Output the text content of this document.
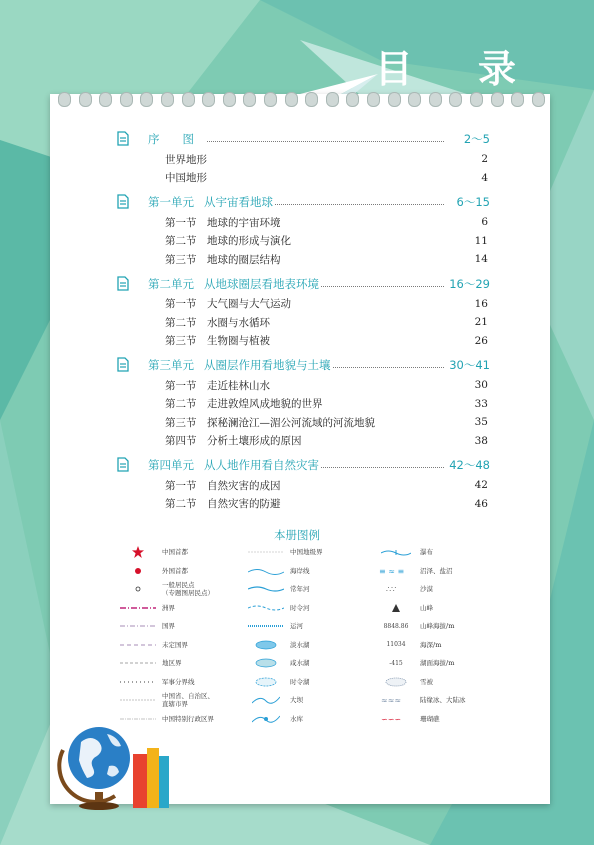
目 录
序　　图	2～5
世界地形	2
中国地形	4
第一单元 从宇宙看地球	6～15
第一节 地球的宇宙环境	6
第二节 地球的形成与演化	11
第三节 地球的圈层结构	14
第二单元 从地球圈层看地表环境	16～29
第一节 大气圈与大气运动	16
第二节 水圈与水循环	21
第三节 生物圈与植被	26
第三单元 从圈层作用看地貌与土壤	30～41
第一节 走近桂林山水	30
第二节 走进敦煌风成地貌的世界	33
第三节 探秘澜沧江—湄公河流域的河流地貌	35
第四节 分析土壤形成的原因	38
第四单元 从人地作用看自然灾害	42～48
第一节 自然灾害的成因	42
第二节 自然灾害的防避	46
本册图例
中国首都	中国地级界	瀑布
外国首都	海岸线	≡ ≈ ≡ 沼泽、盐沼
一般居民点
（专题图居民点）	常年河	∴∵	沙漠
洲界	时令河	山峰
国界	运河	8848.86	山峰海拔/m
未定国界	淡水湖	11034	海深/m
地区界	咸水湖	-415	湖面海拔/m
军事分界线	时令湖	雪被
中国省、自治区、
直辖市界	大坝	≈≈≈	陆缘冰、大陆冰
中国特别行政区界	水库	∽∽∽	珊瑚礁
